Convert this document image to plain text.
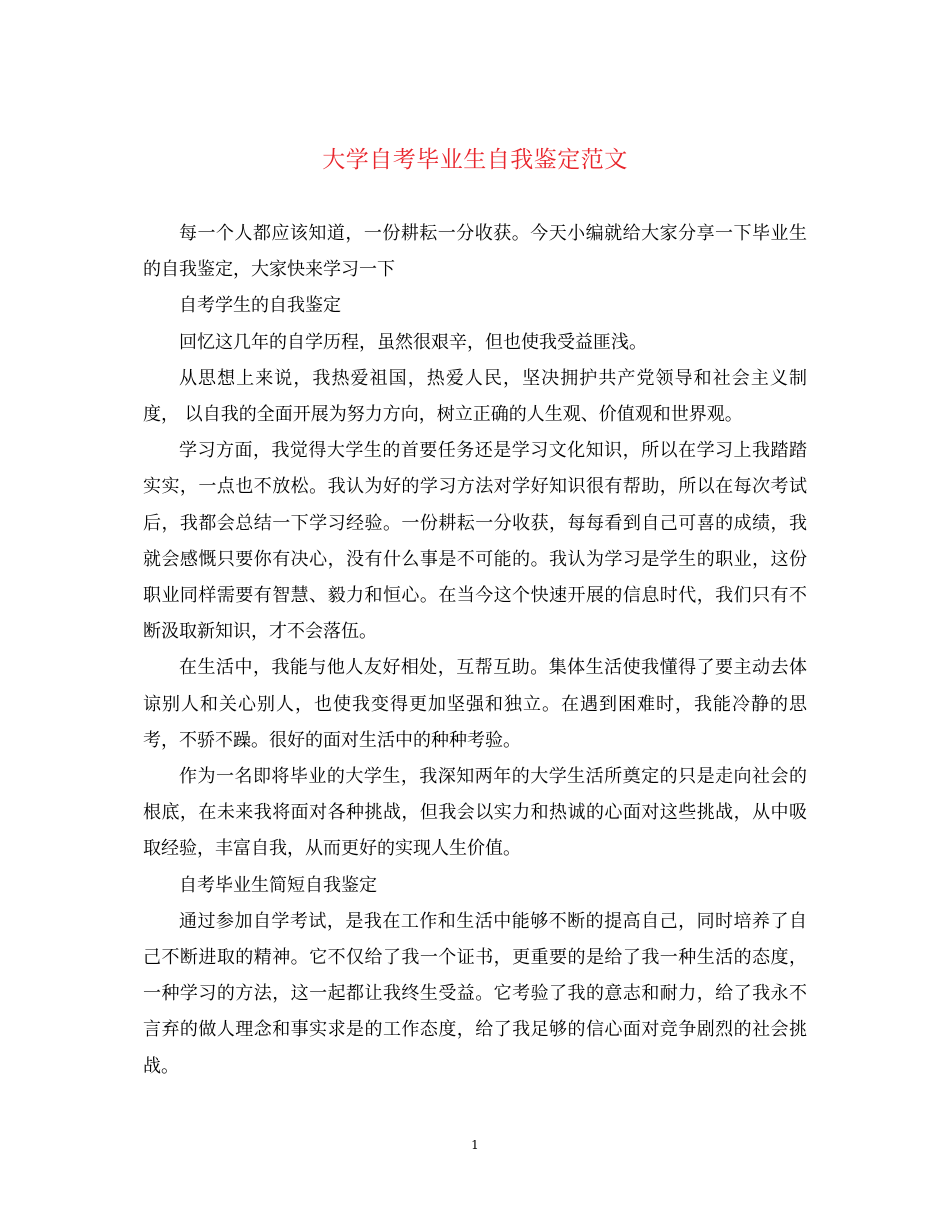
大学自考毕业生自我鉴定范文

每一个人都应该知道，一份耕耘一分收获。今天小编就给大家分享一下毕业生的自我鉴定，大家快来学习一下

自考学生的自我鉴定

回忆这几年的自学历程，虽然很艰辛，但也使我受益匪浅。

从思想上来说，我热爱祖国，热爱人民，坚决拥护共产党领导和社会主义制度， 以自我的全面开展为努力方向，树立正确的人生观、价值观和世界观。

学习方面，我觉得大学生的首要任务还是学习文化知识，所以在学习上我踏踏实实，一点也不放松。我认为好的学习方法对学好知识很有帮助，所以在每次考试后，我都会总结一下学习经验。一份耕耘一分收获，每每看到自己可喜的成绩，我就会感慨只要你有决心，没有什么事是不可能的。我认为学习是学生的职业，这份职业同样需要有智慧、毅力和恒心。在当今这个快速开展的信息时代，我们只有不断汲取新知识，才不会落伍。

在生活中，我能与他人友好相处，互帮互助。集体生活使我懂得了要主动去体谅别人和关心别人，也使我变得更加坚强和独立。在遇到困难时，我能冷静的思考，不骄不躁。很好的面对生活中的种种考验。

作为一名即将毕业的大学生，我深知两年的大学生活所奠定的只是走向社会的根底，在未来我将面对各种挑战，但我会以实力和热诚的心面对这些挑战，从中吸取经验，丰富自我，从而更好的实现人生价值。

自考毕业生简短自我鉴定

通过参加自学考试，是我在工作和生活中能够不断的提高自己，同时培养了自己不断进取的精神。它不仅给了我一个证书，更重要的是给了我一种生活的态度，一种学习的方法，这一起都让我终生受益。它考验了我的意志和耐力，给了我永不言弃的做人理念和事实求是的工作态度，给了我足够的信心面对竞争剧烈的社会挑战。

1
